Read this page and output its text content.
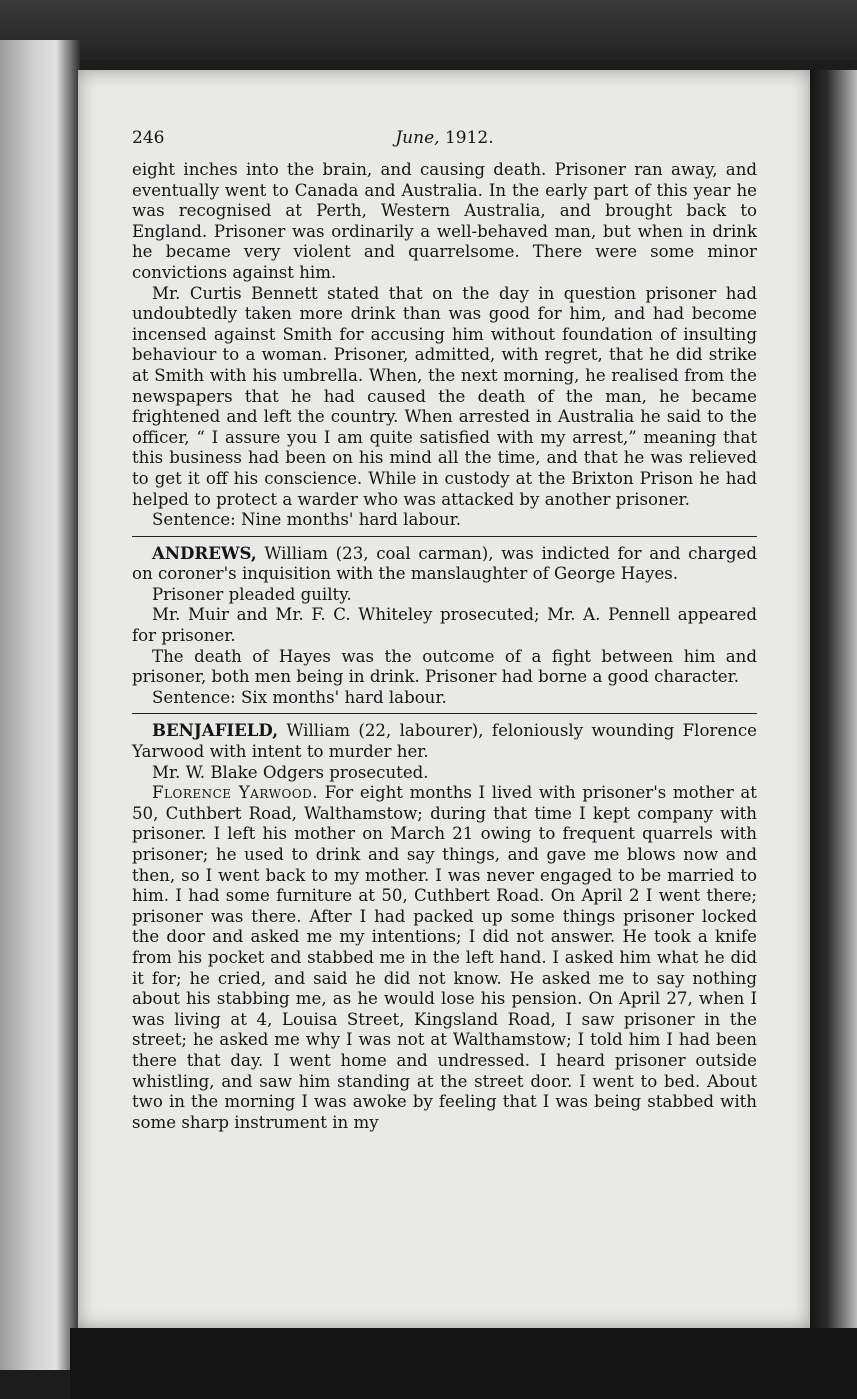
246	June, 1912.

eight inches into the brain, and causing death. Prisoner ran away, and eventually went to Canada and Australia. In the early part of this year he was recognised at Perth, Western Australia, and brought back to England. Prisoner was ordinarily a well-behaved man, but when in drink he became very violent and quarrelsome. There were some minor convictions against him.

Mr. Curtis Bennett stated that on the day in question prisoner had undoubtedly taken more drink than was good for him, and had become incensed against Smith for accusing him without foundation of insulting behaviour to a woman. Prisoner, admitted, with regret, that he did strike at Smith with his umbrella. When, the next morning, he realised from the newspapers that he had caused the death of the man, he became frightened and left the country. When arrested in Australia he said to the officer, “ I assure you I am quite satisfied with my arrest,” meaning that this business had been on his mind all the time, and that he was relieved to get it off his conscience. While in custody at the Brixton Prison he had helped to protect a warder who was attacked by another prisoner.

Sentence: Nine months' hard labour.

ANDREWS, William (23, coal carman), was indicted for and charged on coroner's inquisition with the manslaughter of George Hayes.

Prisoner pleaded guilty.

Mr. Muir and Mr. F. C. Whiteley prosecuted; Mr. A. Pennell appeared for prisoner.

The death of Hayes was the outcome of a fight between him and prisoner, both men being in drink. Prisoner had borne a good character.

Sentence: Six months' hard labour.

BENJAFIELD, William (22, labourer), feloniously wounding Florence Yarwood with intent to murder her.

Mr. W. Blake Odgers prosecuted.

Florence Yarwood. For eight months I lived with prisoner's mother at 50, Cuthbert Road, Walthamstow; during that time I kept company with prisoner. I left his mother on March 21 owing to frequent quarrels with prisoner; he used to drink and say things, and gave me blows now and then, so I went back to my mother. I was never engaged to be married to him. I had some furniture at 50, Cuthbert Road. On April 2 I went there; prisoner was there. After I had packed up some things prisoner locked the door and asked me my intentions; I did not answer. He took a knife from his pocket and stabbed me in the left hand. I asked him what he did it for; he cried, and said he did not know. He asked me to say nothing about his stabbing me, as he would lose his pension. On April 27, when I was living at 4, Louisa Street, Kingsland Road, I saw prisoner in the street; he asked me why I was not at Walthamstow; I told him I had been there that day. I went home and undressed. I heard prisoner outside whistling, and saw him standing at the street door. I went to bed. About two in the morning I was awoke by feeling that I was being stabbed with some sharp instrument in my
